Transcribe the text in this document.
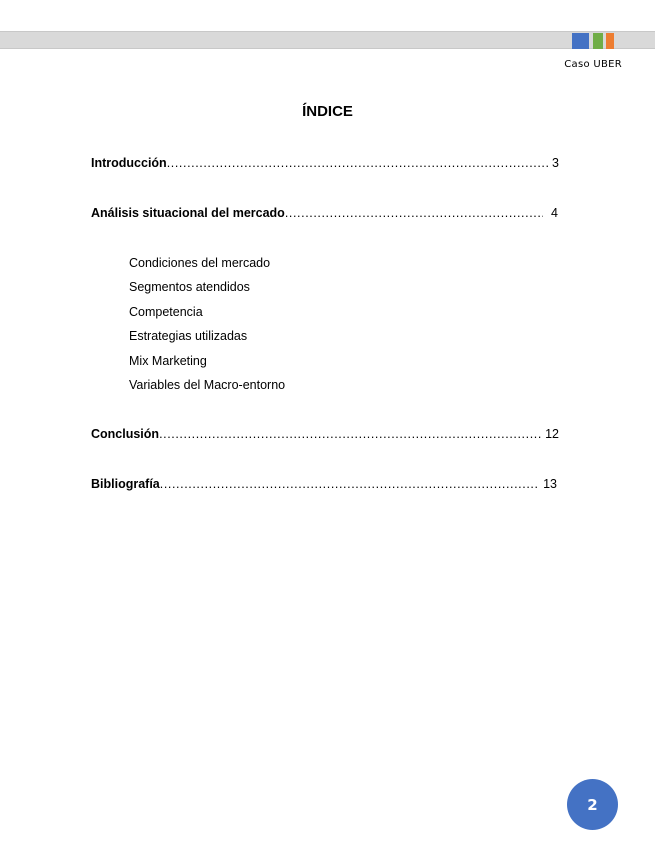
Caso UBER
ÍNDICE
Introducción .....	3
Análisis situacional del mercado .....	4
Condiciones del mercado
Segmentos atendidos
Competencia
Estrategias utilizadas
Mix Marketing
Variables del Macro-entorno
Conclusión .....	12
Bibliografía .....	13
2
